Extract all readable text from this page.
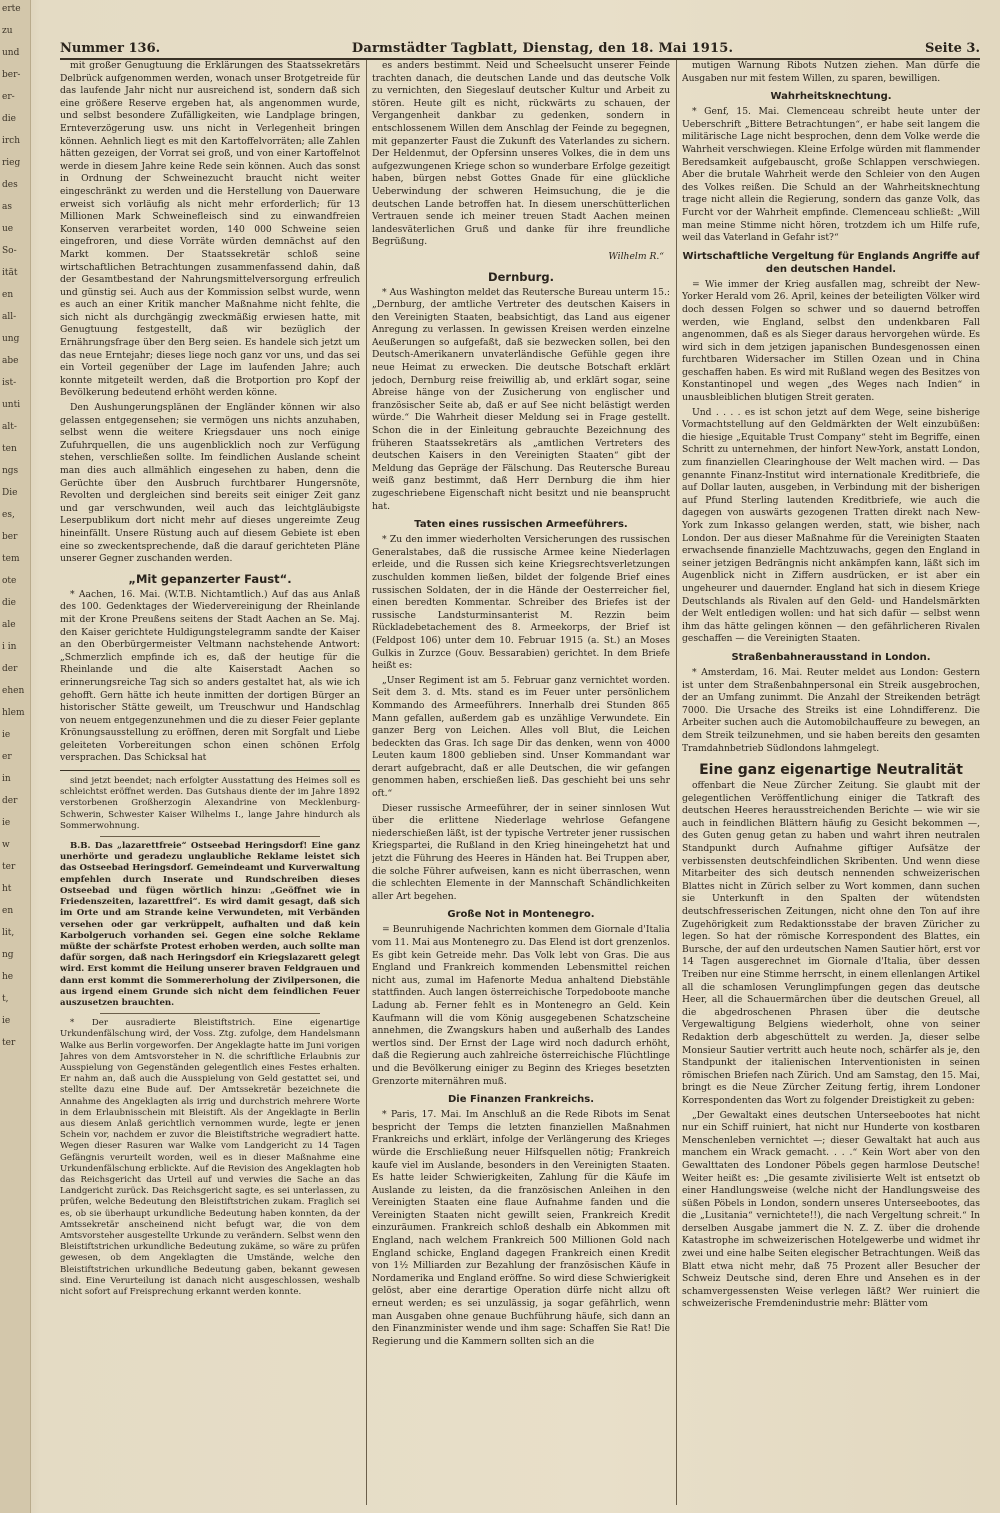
erte
zu
und
ber-
er-
die
irch
rieg
des
as
ue
So-
ität
en
all-
ung
abe
ist-
unti
alt-
ten
ngs
Die
es,
ber
tem
ote
die
ale
i in
der
ehen
hlem
ie
er
in
der
ie
w
ter
ht
en
lit,
ng
he
t,
ie
ter
Nummer 136.	Darmstädter Tagblatt, Dienstag, den 18. Mai 1915.	Seite 3.

mit großer Genugtuung die Erklärungen des Staatssekretärs Delbrück aufgenommen werden, wonach unser Brotgetreide für das laufende Jahr nicht nur ausreichend ist, sondern daß sich eine größere Reserve ergeben hat, als angenommen wurde, und selbst besondere Zufälligkeiten, wie Landplage bringen, Ernteverzögerung usw. uns nicht in Verlegenheit bringen können. Aehnlich liegt es mit den Kartoffelvorräten; alle Zahlen hätten gezeigen, der Vorrat sei groß, und von einer Kartoffelnot werde in diesem Jahre keine Rede sein können. Auch das sonst in Ordnung der Schweinezucht braucht nicht weiter eingeschränkt zu werden und die Herstellung von Dauerware erweist sich vorläufig als nicht mehr erforderlich; für 13 Millionen Mark Schweinefleisch sind zu einwandfreien Konserven verarbeitet worden, 140 000 Schweine seien eingefroren, und diese Vorräte würden demnächst auf den Markt kommen. Der Staatssekretär schloß seine wirtschaftlichen Betrachtungen zusammenfassend dahin, daß der Gesamtbestand der Nahrungsmittelversorgung erfreulich und günstig sei. Auch aus der Kommission selbst wurde, wenn es auch an einer Kritik mancher Maßnahme nicht fehlte, die sich nicht als durchgängig zweckmäßig erwiesen hatte, mit Genugtuung festgestellt, daß wir bezüglich der Ernährungsfrage über den Berg seien. Es handele sich jetzt um das neue Erntejahr; dieses liege noch ganz vor uns, und das sei ein Vorteil gegenüber der Lage im laufenden Jahre; auch konnte mitgeteilt werden, daß die Brotportion pro Kopf der Bevölkerung bedeutend erhöht werden könne.

Den Aushungerungsplänen der Engländer können wir also gelassen entgegensehen; sie vermögen uns nichts anzuhaben, selbst wenn die weitere Kriegsdauer uns noch einige Zufuhrquellen, die uns augenblicklich noch zur Verfügung stehen, verschließen sollte. Im feindlichen Auslande scheint man dies auch allmählich eingesehen zu haben, denn die Gerüchte über den Ausbruch furchtbarer Hungersnöte, Revolten und dergleichen sind bereits seit einiger Zeit ganz und gar verschwunden, weil auch das leichtgläubigste Leserpublikum dort nicht mehr auf dieses ungereimte Zeug hineinfällt. Unsere Rüstung auch auf diesem Gebiete ist eben eine so zweckentsprechende, daß die darauf gerichteten Pläne unserer Gegner zuschanden werden.

„Mit gepanzerter Faust“.

* Aachen, 16. Mai. (W.T.B. Nichtamtlich.) Auf das aus Anlaß des 100. Gedenktages der Wiedervereinigung der Rheinlande mit der Krone Preußens seitens der Stadt Aachen an Se. Maj. den Kaiser gerichtete Huldigungstelegramm sandte der Kaiser an den Oberbürgermeister Veltmann nachstehende Antwort: „Schmerzlich empfinde ich es, daß der heutige für die Rheinlande und die alte Kaiserstadt Aachen so erinnerungsreiche Tag sich so anders gestaltet hat, als wie ich gehofft. Gern hätte ich heute inmitten der dortigen Bürger an historischer Stätte geweilt, um Treuschwur und Handschlag von neuem entgegenzunehmen und die zu dieser Feier geplante Krönungsausstellung zu eröffnen, deren mit Sorgfalt und Liebe geleiteten Vorbereitungen schon einen schönen Erfolg versprachen. Das Schicksal hat

sind jetzt beendet; nach erfolgter Ausstattung des Heimes soll es schleichtst eröffnet werden. Das Gutshaus diente der im Jahre 1892 verstorbenen Großherzogin Alexandrine von Mecklenburg-Schwerin, Schwester Kaiser Wilhelms I., lange Jahre hindurch als Sommerwohnung.

B.B. Das „lazarettfreie“ Ostseebad Heringsdorf! Eine ganz unerhörte und geradezu unglaubliche Reklame leistet sich das Ostseebad Heringsdorf. Gemeindeamt und Kurverwaltung empfehlen durch Inserate und Rundschreiben dieses Ostseebad und fügen wörtlich hinzu: „Geöffnet wie in Friedenszeiten, lazarettfrei“. Es wird damit gesagt, daß sich im Orte und am Strande keine Verwundeten, mit Verbänden versehen oder gar verkrüppelt, aufhalten und daß kein Karbolgeruch vorhanden sei. Gegen eine solche Reklame müßte der schärfste Protest erhoben werden, auch sollte man dafür sorgen, daß nach Heringsdorf ein Kriegslazarett gelegt wird. Erst kommt die Heilung unserer braven Feldgrauen und dann erst kommt die Sommererholung der Zivilpersonen, die aus irgend einem Grunde sich nicht dem feindlichen Feuer auszusetzen brauchten.

* Der ausradierte Bleistiftstrich. Eine eigenartige Urkundenfälschung wird, der Voss. Ztg. zufolge, dem Handelsmann Walke aus Berlin vorgeworfen. Der Angeklagte hatte im Juni vorigen Jahres von dem Amtsvorsteher in N. die schriftliche Erlaubnis zur Ausspielung von Gegenständen gelegentlich eines Festes erhalten. Er nahm an, daß auch die Ausspielung von Geld gestattet sei, und stellte dazu eine Bude auf. Der Amtssekretär bezeichnete die Annahme des Angeklagten als irrig und durchstrich mehrere Worte in dem Erlaubnisschein mit Bleistift. Als der Angeklagte in Berlin aus diesem Anlaß gerichtlich vernommen wurde, legte er jenen Schein vor, nachdem er zuvor die Bleistiftstriche wegradiert hatte. Wegen dieser Rasuren war Walke vom Landgericht zu 14 Tagen Gefängnis verurteilt worden, weil es in dieser Maßnahme eine Urkundenfälschung erblickte. Auf die Revision des Angeklagten hob das Reichsgericht das Urteil auf und verwies die Sache an das Landgericht zurück. Das Reichsgericht sagte, es sei unterlassen, zu prüfen, welche Bedeutung den Bleistiftstrichen zukam. Fraglich sei es, ob sie überhaupt urkundliche Bedeutung haben konnten, da der Amtssekretär anscheinend nicht befugt war, die von dem Amtsvorsteher ausgestellte Urkunde zu verändern. Selbst wenn den Bleistiftstrichen urkundliche Bedeutung zukäme, so wäre zu prüfen gewesen, ob dem Angeklagten die Umstände, welche den Bleistiftstrichen urkundliche Bedeutung gaben, bekannt gewesen sind. Eine Verurteilung ist danach nicht ausgeschlossen, weshalb nicht sofort auf Freisprechung erkannt werden konnte.

es anders bestimmt. Neid und Scheelsucht unserer Feinde trachten danach, die deutschen Lande und das deutsche Volk zu vernichten, den Siegeslauf deutscher Kultur und Arbeit zu stören. Heute gilt es nicht, rückwärts zu schauen, der Vergangenheit dankbar zu gedenken, sondern in entschlossenem Willen dem Anschlag der Feinde zu begegnen, mit gepanzerter Faust die Zukunft des Vaterlandes zu sichern. Der Heldenmut, der Opfersinn unseres Volkes, die in dem uns aufgezwungenen Kriege schon so wunderbare Erfolge gezeitigt haben, bürgen nebst Gottes Gnade für eine glückliche Ueberwindung der schweren Heimsuchung, die je die deutschen Lande betroffen hat. In diesem unerschütterlichen Vertrauen sende ich meiner treuen Stadt Aachen meinen landesväterlichen Gruß und danke für ihre freundliche Begrüßung.

Wilhelm R.“
Dernburg.

* Aus Washington meldet das Reutersche Bureau unterm 15.: „Dernburg, der amtliche Vertreter des deutschen Kaisers in den Vereinigten Staaten, beabsichtigt, das Land aus eigener Anregung zu verlassen. In gewissen Kreisen werden einzelne Aeußerungen so aufgefaßt, daß sie bezwecken sollen, bei den Deutsch-Amerikanern unvaterländische Gefühle gegen ihre neue Heimat zu erwecken. Die deutsche Botschaft erklärt jedoch, Dernburg reise freiwillig ab, und erklärt sogar, seine Abreise hänge von der Zusicherung von englischer und französischer Seite ab, daß er auf See nicht belästigt werden würde.“ Die Wahrheit dieser Meldung sei in Frage gestellt. Schon die in der Einleitung gebrauchte Bezeichnung des früheren Staatssekretärs als „amtlichen Vertreters des deutschen Kaisers in den Vereinigten Staaten“ gibt der Meldung das Gepräge der Fälschung. Das Reutersche Bureau weiß ganz bestimmt, daß Herr Dernburg die ihm hier zugeschriebene Eigenschaft nicht besitzt und nie beansprucht hat.

Taten eines russischen Armeeführers.

* Zu den immer wiederholten Versicherungen des russischen Generalstabes, daß die russische Armee keine Niederlagen erleide, und die Russen sich keine Kriegsrechtsverletzungen zuschulden kommen ließen, bildet der folgende Brief eines russischen Soldaten, der in die Hände der Oesterreicher fiel, einen beredten Kommentar. Schreiber des Briefes ist der russische Landsturminsanterist M. Rezzin beim Rückladebetachement des 8. Armeekorps, der Brief ist (Feldpost 106) unter dem 10. Februar 1915 (a. St.) an Moses Gulkis in Zurzce (Gouv. Bessarabien) gerichtet. In dem Briefe heißt es:

„Unser Regiment ist am 5. Februar ganz vernichtet worden. Seit dem 3. d. Mts. stand es im Feuer unter persönlichem Kommando des Armeeführers. Innerhalb drei Stunden 865 Mann gefallen, außerdem gab es unzählige Verwundete. Ein ganzer Berg von Leichen. Alles voll Blut, die Leichen bedeckten das Gras. Ich sage Dir das denken, wenn von 4000 Leuten kaum 1800 geblieben sind. Unser Kommandant war derart aufgebracht, daß er alle Deutschen, die wir gefangen genommen haben, erschießen ließ. Das geschieht bei uns sehr oft.“

Dieser russische Armeeführer, der in seiner sinnlosen Wut über die erlittene Niederlage wehrlose Gefangene niederschießen läßt, ist der typische Vertreter jener russischen Kriegspartei, die Rußland in den Krieg hineingehetzt hat und jetzt die Führung des Heeres in Händen hat. Bei Truppen aber, die solche Führer aufweisen, kann es nicht überraschen, wenn die schlechten Elemente in der Mannschaft Schändlichkeiten aller Art begehen.

Große Not in Montenegro.

= Beunruhigende Nachrichten kommen dem Giornale d'Italia vom 11. Mai aus Montenegro zu. Das Elend ist dort grenzenlos. Es gibt kein Getreide mehr. Das Volk lebt von Gras. Die aus England und Frankreich kommenden Lebensmittel reichen nicht aus, zumal im Hafenorte Medua anhaltend Diebstähle stattfinden. Auch langen österreichische Torpedoboote manche Ladung ab. Ferner fehlt es in Montenegro an Geld. Kein Kaufmann will die vom König ausgegebenen Schatzscheine annehmen, die Zwangskurs haben und außerhalb des Landes wertlos sind. Der Ernst der Lage wird noch dadurch erhöht, daß die Regierung auch zahlreiche österreichische Flüchtlinge und die Bevölkerung einiger zu Beginn des Krieges besetzten Grenzorte miternähren muß.

Die Finanzen Frankreichs.

* Paris, 17. Mai. Im Anschluß an die Rede Ribots im Senat bespricht der Temps die letzten finanziellen Maßnahmen Frankreichs und erklärt, infolge der Verlängerung des Krieges würde die Erschließung neuer Hilfsquellen nötig; Frankreich kaufe viel im Auslande, besonders in den Vereinigten Staaten. Es hatte leider Schwierigkeiten, Zahlung für die Käufe im Auslande zu leisten, da die französischen Anleihen in den Vereinigten Staaten eine flaue Aufnahme fanden und die Vereinigten Staaten nicht gewillt seien, Frankreich Kredit einzuräumen. Frankreich schloß deshalb ein Abkommen mit England, nach welchem Frankreich 500 Millionen Gold nach England schicke, England dagegen Frankreich einen Kredit von 1½ Milliarden zur Bezahlung der französischen Käufe in Nordamerika und England eröffne. So wird diese Schwierigkeit gelöst, aber eine derartige Operation dürfe nicht allzu oft erneut werden; es sei unzulässig, ja sogar gefährlich, wenn man Ausgaben ohne genaue Buchführung häufe, sich dann an den Finanzminister wende und ihm sage: Schaffen Sie Rat! Die Regierung und die Kammern sollten sich an die

mutigen Warnung Ribots Nutzen ziehen. Man dürfe die Ausgaben nur mit festem Willen, zu sparen, bewilligen.

Wahrheitsknechtung.

* Genf, 15. Mai. Clemenceau schreibt heute unter der Ueberschrift „Bittere Betrachtungen“, er habe seit langem die militärische Lage nicht besprochen, denn dem Volke werde die Wahrheit verschwiegen. Kleine Erfolge würden mit flammender Beredsamkeit aufgebauscht, große Schlappen verschwiegen. Aber die brutale Wahrheit werde den Schleier von den Augen des Volkes reißen. Die Schuld an der Wahrheitsknechtung trage nicht allein die Regierung, sondern das ganze Volk, das Furcht vor der Wahrheit empfinde. Clemenceau schließt: „Will man meine Stimme nicht hören, trotzdem ich um Hilfe rufe, weil das Vaterland in Gefahr ist?“

Wirtschaftliche Vergeltung für Englands Angriffe auf den deutschen Handel.

= Wie immer der Krieg ausfallen mag, schreibt der New-Yorker Herald vom 26. April, keines der beteiligten Völker wird doch dessen Folgen so schwer und so dauernd betroffen werden, wie England, selbst den undenkbaren Fall angenommen, daß es als Sieger daraus hervorgehen würde. Es wird sich in dem jetzigen japanischen Bundesgenossen einen furchtbaren Widersacher im Stillen Ozean und in China geschaffen haben. Es wird mit Rußland wegen des Besitzes von Konstantinopel und wegen „des Weges nach Indien“ in unausbleiblichen blutigen Streit geraten.

Und . . . . es ist schon jetzt auf dem Wege, seine bisherige Vormachtstellung auf den Geldmärkten der Welt einzubüßen: die hiesige „Equitable Trust Company“ steht im Begriffe, einen Schritt zu unternehmen, der hinfort New-York, anstatt London, zum finanziellen Clearinghouse der Welt machen wird. — Das genannte Finanz-Institut wird internationale Kreditbriefe, die auf Dollar lauten, ausgeben, in Verbindung mit der bisherigen auf Pfund Sterling lautenden Kreditbriefe, wie auch die dagegen von auswärts gezogenen Tratten direkt nach New-York zum Inkasso gelangen werden, statt, wie bisher, nach London. Der aus dieser Maßnahme für die Vereinigten Staaten erwachsende finanzielle Machtzuwachs, gegen den England in seiner jetzigen Bedrängnis nicht ankämpfen kann, läßt sich im Augenblick nicht in Ziffern ausdrücken, er ist aber ein ungeheurer und dauernder. England hat sich in diesem Kriege Deutschlands als Rivalen auf den Geld- und Handelsmärkten der Welt entledigen wollen: und hat sich dafür — selbst wenn ihm das hätte gelingen können — den gefährlicheren Rivalen geschaffen — die Vereinigten Staaten.

Straßenbahnerausstand in London.

* Amsterdam, 16. Mai. Reuter meldet aus London: Gestern ist unter dem Straßenbahnpersonal ein Streik ausgebrochen, der an Umfang zunimmt. Die Anzahl der Streikenden beträgt 7000. Die Ursache des Streiks ist eine Lohndifferenz. Die Arbeiter suchen auch die Automobilchauffeure zu bewegen, an dem Streik teilzunehmen, und sie haben bereits den gesamten Tramdahnbetrieb Südlondons lahmgelegt.

Eine ganz eigenartige Neutralität

offenbart die Neue Zürcher Zeitung. Sie glaubt mit der gelegentlichen Veröffentlichung einiger die Tatkraft des deutschen Heeres herausstreichenden Berichte — wie wir sie auch in feindlichen Blättern häufig zu Gesicht bekommen —, des Guten genug getan zu haben und wahrt ihren neutralen Standpunkt durch Aufnahme giftiger Aufsätze der verbissensten deutschfeindlichen Skribenten. Und wenn diese Mitarbeiter des sich deutsch nennenden schweizerischen Blattes nicht in Zürich selber zu Wort kommen, dann suchen sie Unterkunft in den Spalten der wütendsten deutschfresserischen Zeitungen, nicht ohne den Ton auf ihre Zugehörigkeit zum Redaktionsstabe der braven Züricher zu legen. So hat der römische Korrespondent des Blattes, ein Bursche, der auf den urdeutschen Namen Sautier hört, erst vor 14 Tagen ausgerechnet im Giornale d'Italia, über dessen Treiben nur eine Stimme herrscht, in einem ellenlangen Artikel all die schamlosen Verunglimpfungen gegen das deutsche Heer, all die Schauermärchen über die deutschen Greuel, all die abgedroschenen Phrasen über die deutsche Vergewaltigung Belgiens wiederholt, ohne von seiner Redaktion derb abgeschüttelt zu werden. Ja, dieser selbe Monsieur Sautier vertritt auch heute noch, schärfer als je, den Standpunkt der italienischen Interventionisten in seinen römischen Briefen nach Zürich. Und am Samstag, den 15. Mai, bringt es die Neue Zürcher Zeitung fertig, ihrem Londoner Korrespondenten das Wort zu folgender Dreistigkeit zu geben:

„Der Gewaltakt eines deutschen Unterseebootes hat nicht nur ein Schiff ruiniert, hat nicht nur Hunderte von kostbaren Menschenleben vernichtet —; dieser Gewaltakt hat auch aus manchem ein Wrack gemacht. . . .“ Kein Wort aber von den Gewalttaten des Londoner Pöbels gegen harmlose Deutsche! Weiter heißt es: „Die gesamte zivilisierte Welt ist entsetzt ob einer Handlungsweise (welche nicht der Handlungsweise des süßen Pöbels in London, sondern unseres Unterseebootes, das die „Lusitania“ vernichtete!!), die nach Vergeltung schreit.“ In derselben Ausgabe jammert die N. Z. Z. über die drohende Katastrophe im schweizerischen Hotelgewerbe und widmet ihr zwei und eine halbe Seiten elegischer Betrachtungen. Weiß das Blatt etwa nicht mehr, daß 75 Prozent aller Besucher der Schweiz Deutsche sind, deren Ehre und Ansehen es in der schamvergessensten Weise verlegen läßt? Wer ruiniert die schweizerische Fremdenindustrie mehr: Blätter vom
